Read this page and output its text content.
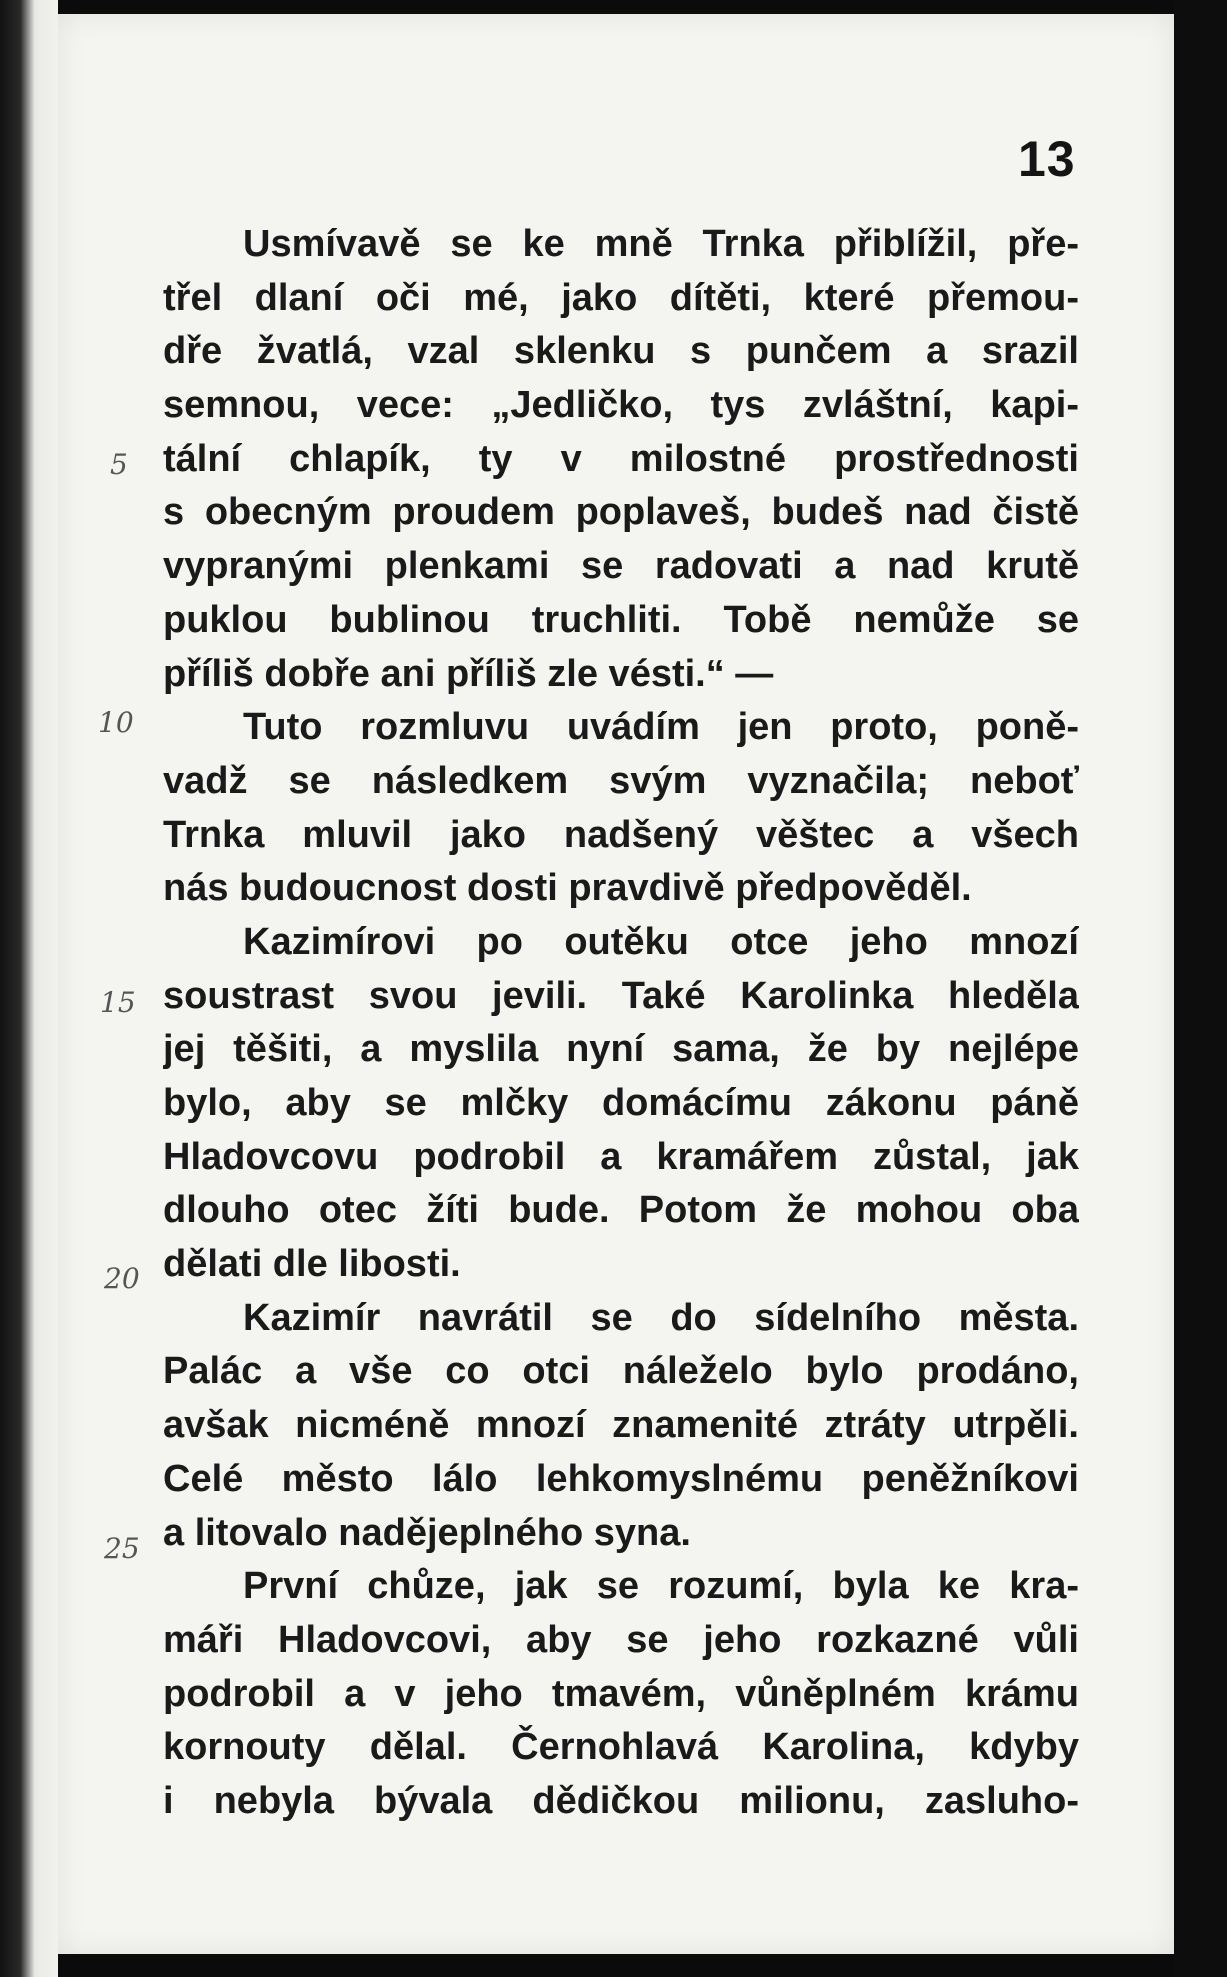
13
5
10
15
20
25
Usmívavě se ke mně Trnka přiblížil, pře-
třel dlaní oči mé, jako dítěti, které přemou-
dře žvatlá, vzal sklenku s punčem a srazil
semnou, vece: „Jedličko, tys zvláštní, kapi-
tální chlapík, ty v milostné prostřednosti
s obecným proudem poplaveš, budeš nad čistě
vypranými plenkami se radovati a nad krutě
puklou bublinou truchliti. Tobě nemůže se
příliš dobře ani příliš zle vésti.“ —
Tuto rozmluvu uvádím jen proto, poně-
vadž se následkem svým vyznačila; neboť
Trnka mluvil jako nadšený věštec a všech
nás budoucnost dosti pravdivě předpověděl.
Kazimírovi po outěku otce jeho mnozí
soustrast svou jevili. Také Karolinka hleděla
jej těšiti, a myslila nyní sama, že by nejlépe
bylo, aby se mlčky domácímu zákonu páně
Hladovcovu podrobil a kramářem zůstal, jak
dlouho otec žíti bude. Potom že mohou oba
dělati dle libosti.
Kazimír navrátil se do sídelního města.
Palác a vše co otci náleželo bylo prodáno,
avšak nicméně mnozí znamenité ztráty utrpěli.
Celé město lálo lehkomyslnému peněžníkovi
a litovalo nadějeplného syna.
První chůze, jak se rozumí, byla ke kra-
máři Hladovcovi, aby se jeho rozkazné vůli
podrobil a v jeho tmavém, vůněplném krámu
kornouty dělal. Černohlavá Karolina, kdyby
i nebyla bývala dědičkou milionu, zasluho-
